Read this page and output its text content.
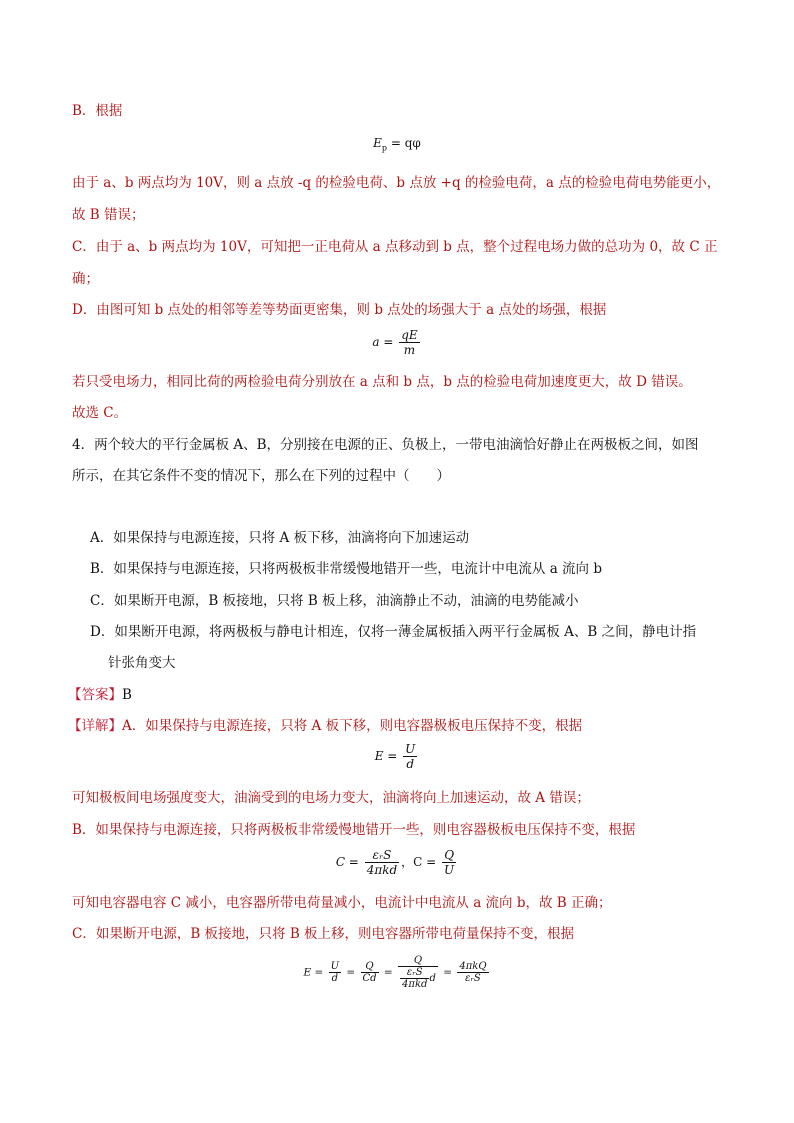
B．根据
$E_p = q\varphi$
由于 a、b 两点均为 10V，则 a 点放 -q 的检验电荷、b 点放 +q 的检验电荷，a 点的检验电荷电势能更小，
故 B 错误；
C．由于 a、b 两点均为 10V，可知把一正电荷从 a 点移动到 b 点，整个过程电场力做的总功为 0，故 C 正
确；
D．由图可知 b 点处的相邻等差等势面更密集，则 b 点处的场强大于 a 点处的场强，根据
$a = \frac{qE}{m}$
若只受电场力，相同比荷的两检验电荷分别放在 a 点和 b 点，b 点的检验电荷加速度更大，故 D 错误。
故选 C。
4．两个较大的平行金属板 A、B，分别接在电源的正、负极上，一带电油滴恰好静止在两极板之间，如图
所示，在其它条件不变的情况下，那么在下列的过程中（　　）
A．如果保持与电源连接，只将 A 板下移，油滴将向下加速运动
B．如果保持与电源连接，只将两极板非常缓慢地错开一些，电流计中电流从 a 流向 b
C．如果断开电源，B 板接地，只将 B 板上移，油滴静止不动，油滴的电势能减小
D．如果断开电源，将两极板与静电计相连，仅将一薄金属板插入两平行金属板 A、B 之间，静电计指
针张角变大
【答案】B
【详解】A．如果保持与电源连接，只将 A 板下移，则电容器极板电压保持不变，根据
$E = \frac{U}{d}$
可知极板间电场强度变大，油滴受到的电场力变大，油滴将向上加速运动，故 A 错误；
B．如果保持与电源连接，只将两极板非常缓慢地错开一些，则电容器极板电压保持不变，根据
$C = \frac{\text{εᵣS}}{\text{4πkd}}$ ，$C = \frac{Q}{U}$
可知电容器电容 C 减小，电容器所带电荷量减小，电流计中电流从 a 流向 b，故 B 正确；
C．如果断开电源，B 板接地，只将 B 板上移，则电容器所带电荷量保持不变，根据
$E = \frac{U}{d} = \frac{Q}{Cd} = \frac{Q}{\frac{\text{εᵣS}}{\text{4πkd}} d} = \frac{\text{4πkQ}}{\text{εᵣS}}$
